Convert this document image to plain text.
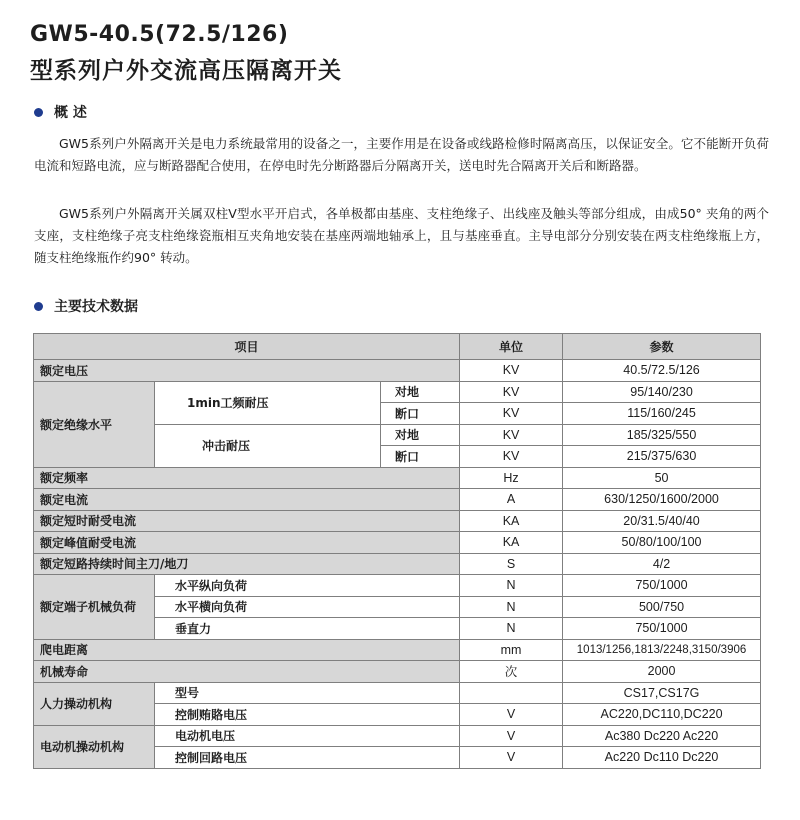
GW5-40.5(72.5/126)
型系列户外交流高压隔离开关
概 述

GW5系列户外隔离开关是电力系统最常用的设备之一，主要作用是在设备或线路检修时隔离高压，以保证安全。它不能断开负荷电流和短路电流，应与断路器配合使用，在停电时先分断路器后分隔离开关，送电时先合隔离开关后和断路器。

GW5系列户外隔离开关属双柱V型水平开启式，各单极都由基座、支柱绝缘子、出线座及触头等部分组成，由成50° 夹角的两个支座，支柱绝缘子亮支柱绝缘瓷瓶相互夹角地安装在基座两端地轴承上，且与基座垂直。主导电部分分别安装在两支柱绝缘瓶上方，随支柱绝缘瓶作约90° 转动。

主要技术数据
项目			单位	参数
额定电压			KV	40.5/72.5/126
额定绝缘水平	1min工频耐压	对地	KV	95/140/230
		断口	KV	115/160/245
	冲击耐压	对地	KV	185/325/550
		断口	KV	215/375/630
额定频率			Hz	50
额定电流			A	630/1250/1600/2000
额定短时耐受电流			KA	20/31.5/40/40
额定峰值耐受电流			KA	50/80/100/100
额定短路持续时间主刀/地刀			S	4/2
额定端子机械负荷	水平纵向负荷		N	750/1000
	水平横向负荷		N	500/750
	垂直力		N	750/1000
爬电距离			mm	1013/1256,1813/2248,3150/3906
机械寿命			次	2000
人力操动机构	型号			CS17,CS17G
	控制贿賂电压		V	AC220,DC110,DC220
电动机操动机构	电动机电压		V	Ac380 Dc220 Ac220
	控制回路电压		V	Ac220 Dc110 Dc220
